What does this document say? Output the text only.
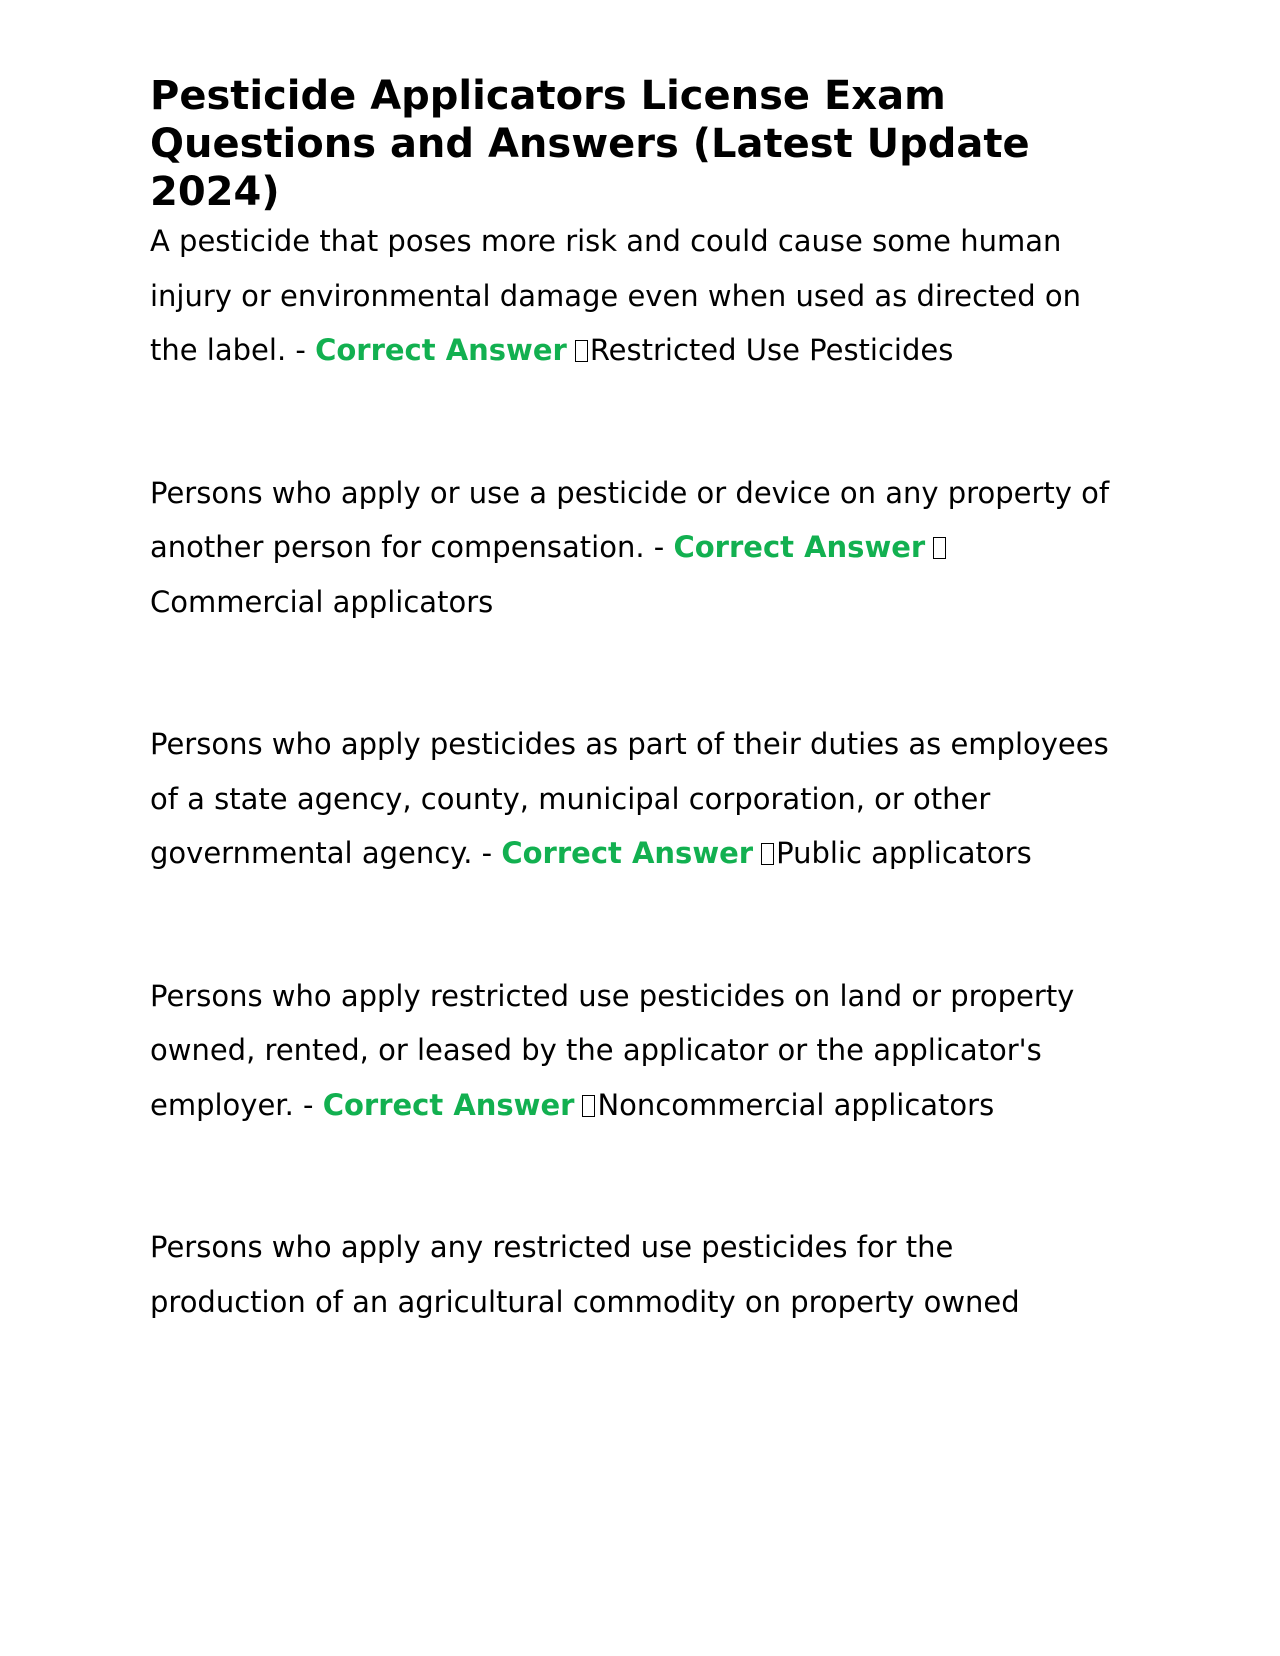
Pesticide Applicators License Exam Questions and Answers (Latest Update 2024)

A pesticide that poses more risk and could cause some human injury or environmental damage even when used as directed on the label. - Correct Answer Restricted Use Pesticides

Persons who apply or use a pesticide or device on any property of another person for compensation. - Correct AnswerCommercial applicators

Persons who apply pesticides as part of their duties as employees of a state agency, county, municipal corporation, or other governmental agency. - Correct Answer Public applicators

Persons who apply restricted use pesticides on land or property owned, rented, or leased by the applicator or the applicator's employer. - Correct Answer Noncommercial applicators

Persons who apply any restricted use pesticides for the production of an agricultural commodity on property owned
